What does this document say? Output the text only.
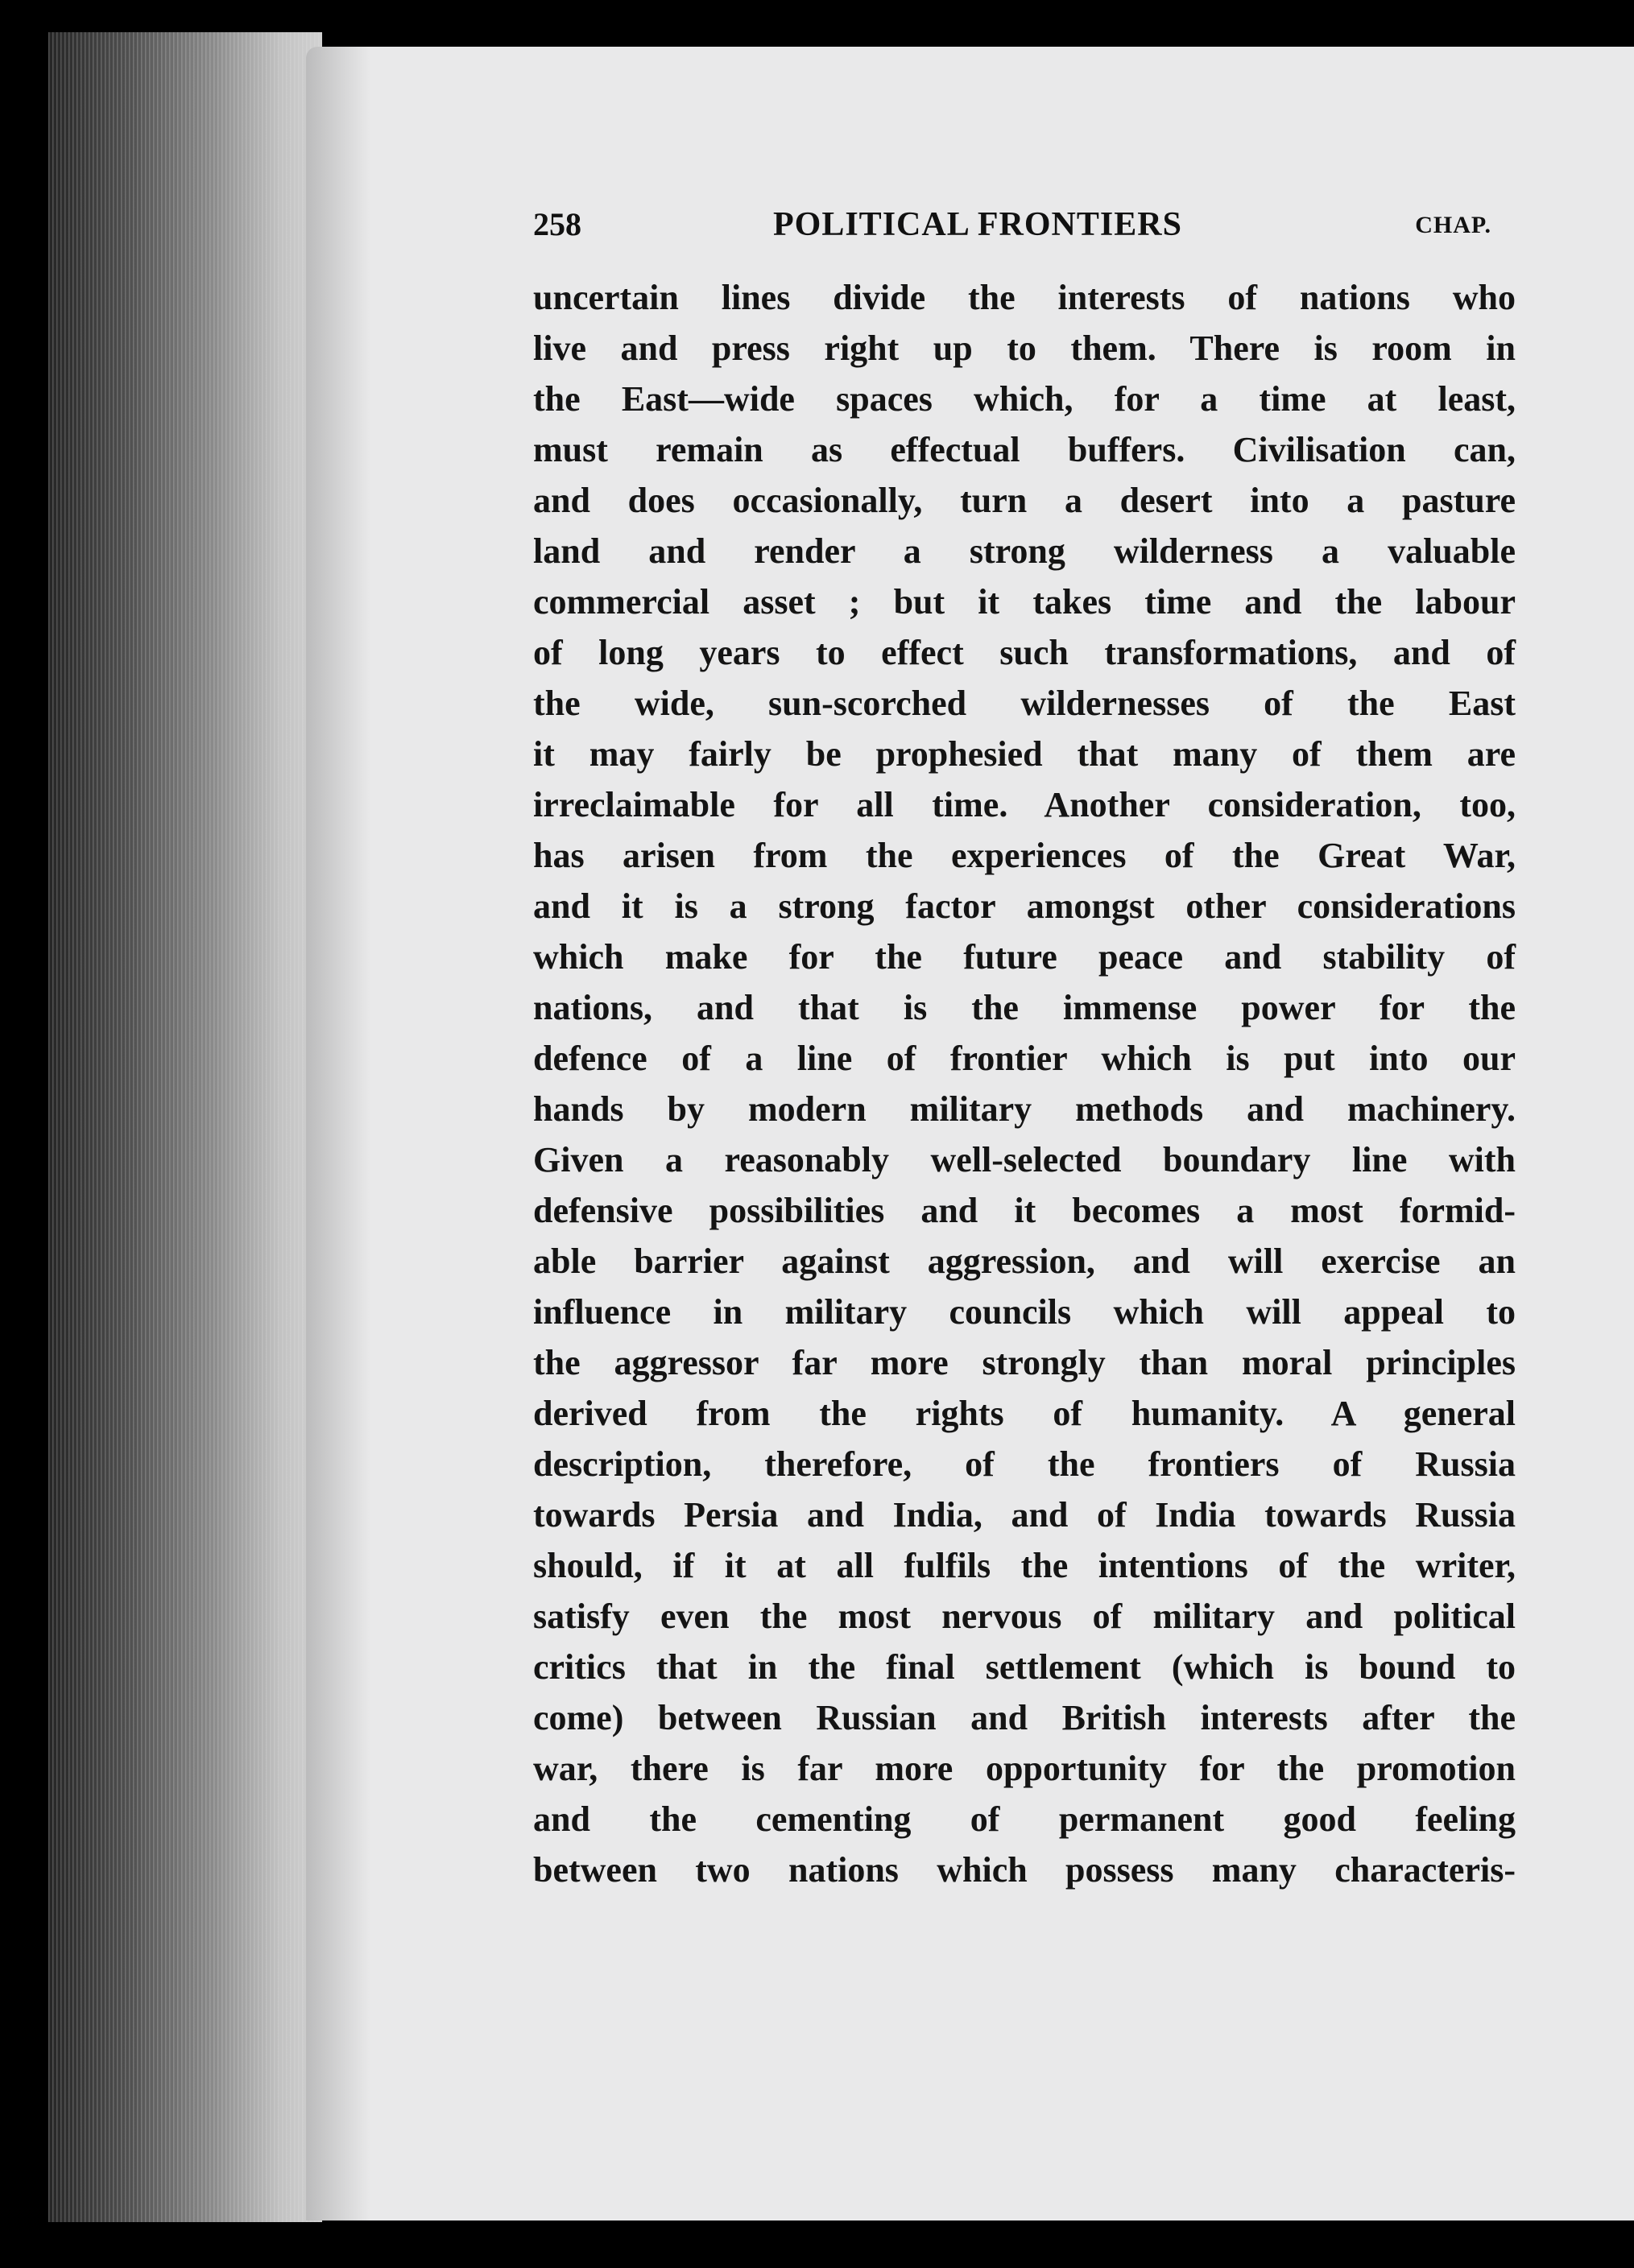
258	POLITICAL FRONTIERS	CHAP.
uncertain lines divide the interests of nations who
live and press right up to them. There is room in
the East—wide spaces which, for a time at least,
must remain as effectual buffers. Civilisation can,
and does occasionally, turn a desert into a pasture
land and render a strong wilderness a valuable
commercial asset ; but it takes time and the labour
of long years to effect such transformations, and of
the wide, sun-scorched wildernesses of the East
it may fairly be prophesied that many of them are
irreclaimable for all time. Another consideration, too,
has arisen from the experiences of the Great War,
and it is a strong factor amongst other considerations
which make for the future peace and stability of
nations, and that is the immense power for the
defence of a line of frontier which is put into our
hands by modern military methods and machinery.
Given a reasonably well-selected boundary line with
defensive possibilities and it becomes a most formid-
able barrier against aggression, and will exercise an
influence in military councils which will appeal to
the aggressor far more strongly than moral principles
derived from the rights of humanity. A general
description, therefore, of the frontiers of Russia
towards Persia and India, and of India towards Russia
should, if it at all fulfils the intentions of the writer,
satisfy even the most nervous of military and political
critics that in the final settlement (which is bound to
come) between Russian and British interests after the
war, there is far more opportunity for the promotion
and the cementing of permanent good feeling
between two nations which possess many characteris-
